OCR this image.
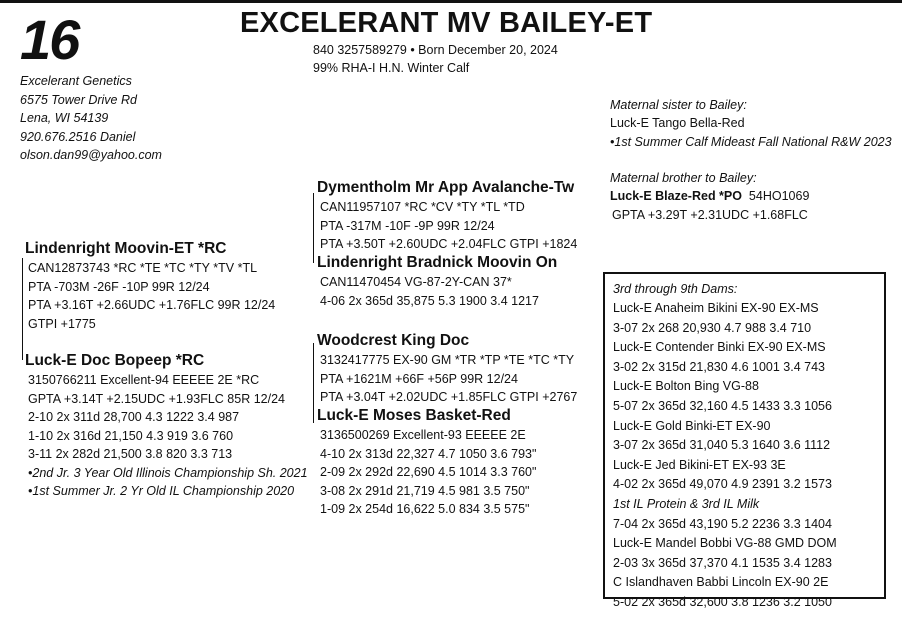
16	EXCELERANT MV BAILEY-ET
840 3257589279 • Born December 20, 2024
99% RHA-I H.N. Winter Calf
Excelerant Genetics
6575 Tower Drive Rd
Lena, WI 54139
920.676.2516 Daniel
olson.dan99@yahoo.com
Lindenright Moovin-ET *RC
CAN12873743 *RC *TE *TC *TY *TV *TL
PTA -703M -26F -10P 99R 12/24
PTA +3.16T +2.66UDC +1.76FLC 99R 12/24
GTPI +1775
Luck-E Doc Bopeep *RC
3150766211 Excellent-94 EEEEE 2E *RC
GPTA +3.14T +2.15UDC +1.93FLC 85R 12/24
2-10 2x 311d 28,700 4.3 1222 3.4 987
1-10 2x 316d 21,150 4.3 919 3.6 760
3-11 2x 282d 21,500 3.8 820 3.3 713
•2nd Jr. 3 Year Old Illinois Championship Sh. 2021
•1st Summer Jr. 2 Yr Old IL Championship 2020
Dymentholm Mr App Avalanche-Tw
CAN11957107 *RC *CV *TY *TL *TD
PTA -317M -10F -9P 99R 12/24
PTA +3.50T +2.60UDC +2.04FLC GTPI +1824
Lindenright Bradnick Moovin On
CAN11470454 VG-87-2Y-CAN 37*
4-06 2x 365d 35,875 5.3 1900 3.4 1217
Woodcrest King Doc
3132417775 EX-90 GM *TR *TP *TE *TC *TY
PTA +1621M +66F +56P 99R 12/24
PTA +3.04T +2.02UDC +1.85FLC GTPI +2767
Luck-E Moses Basket-Red
3136500269 Excellent-93 EEEEE 2E
4-10 2x 313d 22,327 4.7 1050 3.6 793"
2-09 2x 292d 22,690 4.5 1014 3.3 760"
3-08 2x 291d 21,719 4.5 981 3.5 750"
1-09 2x 254d 16,622 5.0 834 3.5 575"
Maternal sister to Bailey:
Luck-E Tango Bella-Red
•1st Summer Calf Mideast Fall National R&W 2023
Maternal brother to Bailey:
Luck-E Blaze-Red *PO  54HO1069
GPTA +3.29T +2.31UDC +1.68FLC
3rd through 9th Dams:
Luck-E Anaheim Bikini EX-90 EX-MS
3-07 2x 268 20,930 4.7 988 3.4 710
Luck-E Contender Binki EX-90 EX-MS
3-02 2x 315d 21,830 4.6 1001 3.4 743
Luck-E Bolton Bing VG-88
5-07 2x 365d 32,160 4.5 1433 3.3 1056
Luck-E Gold Binki-ET EX-90
3-07 2x 365d 31,040 5.3 1640 3.6 1112
Luck-E Jed Bikini-ET EX-93 3E
4-02 2x 365d 49,070 4.9 2391 3.2 1573
1st IL Protein & 3rd IL Milk
7-04 2x 365d 43,190 5.2 2236 3.3 1404
Luck-E Mandel Bobbi VG-88 GMD DOM
2-03 3x 365d 37,370 4.1 1535 3.4 1283
C Islandhaven Babbi Lincoln EX-90 2E
5-02 2x 365d 32,600 3.8 1236 3.2 1050
